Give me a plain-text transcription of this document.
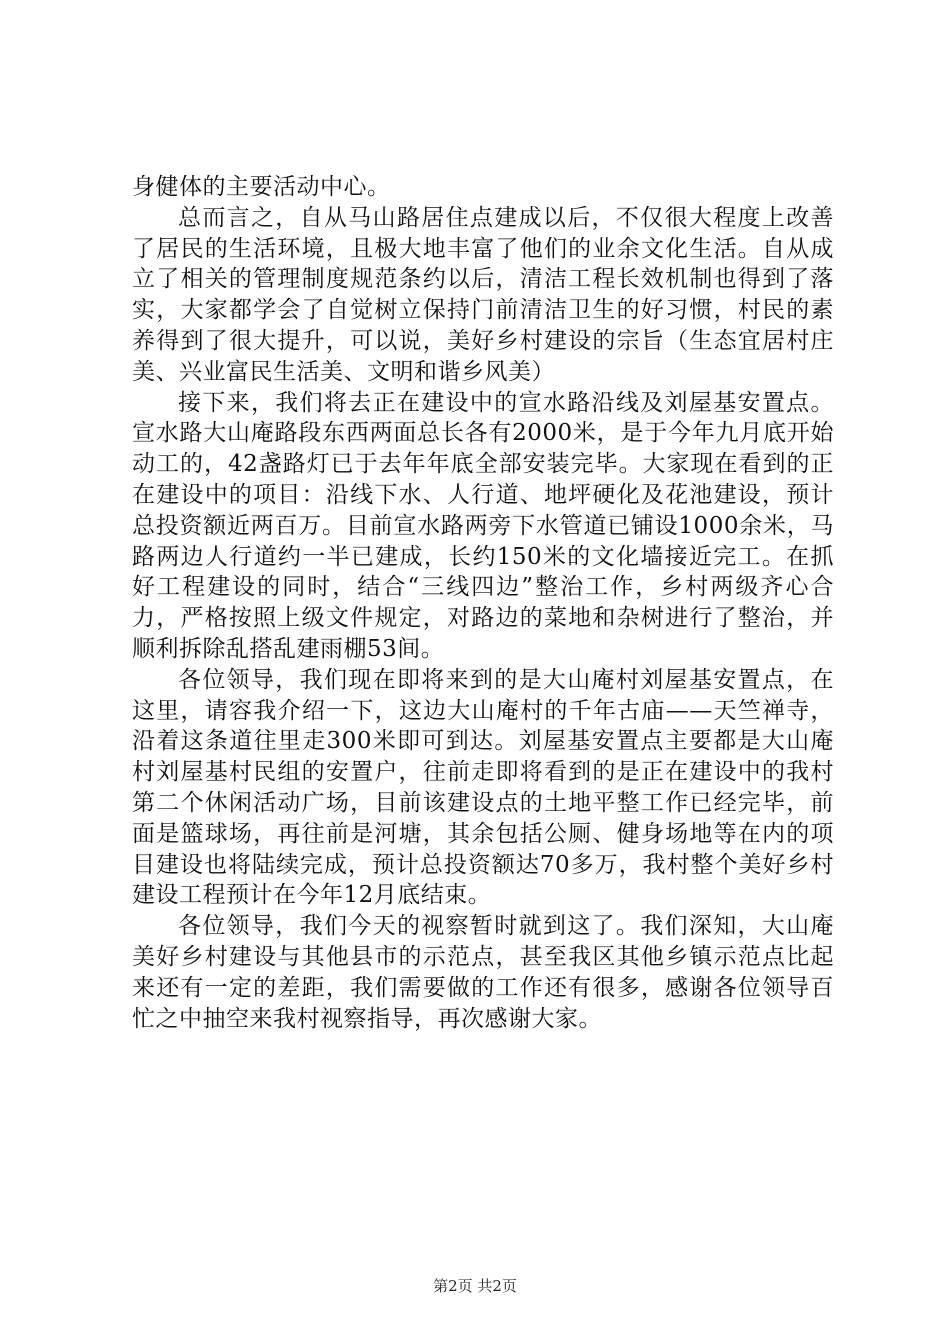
身健体的主要活动中心。

总而言之，自从马山路居住点建成以后，不仅很大程度上改善了居民的生活环境，且极大地丰富了他们的业余文化生活。自从成立了相关的管理制度规范条约以后，清洁工程长效机制也得到了落实，大家都学会了自觉树立保持门前清洁卫生的好习惯，村民的素养得到了很大提升，可以说，美好乡村建设的宗旨（生态宜居村庄美、兴业富民生活美、文明和谐乡风美）

接下来，我们将去正在建设中的宣水路沿线及刘屋基安置点。宣水路大山庵路段东西两面总长各有2000米，是于今年九月底开始动工的，42盏路灯已于去年年底全部安装完毕。大家现在看到的正在建设中的项目：沿线下水、人行道、地坪硬化及花池建设，预计总投资额近两百万。目前宣水路两旁下水管道已铺设1000余米，马路两边人行道约一半已建成，长约150米的文化墙接近完工。在抓好工程建设的同时，结合“三线四边”整治工作，乡村两级齐心合力，严格按照上级文件规定，对路边的菜地和杂树进行了整治，并顺利拆除乱搭乱建雨棚53间。

各位领导，我们现在即将来到的是大山庵村刘屋基安置点，在这里，请容我介绍一下，这边大山庵村的千年古庙——天竺禅寺，沿着这条道往里走300米即可到达。刘屋基安置点主要都是大山庵村刘屋基村民组的安置户，往前走即将看到的是正在建设中的我村第二个休闲活动广场，目前该建设点的土地平整工作已经完毕，前面是篮球场，再往前是河塘，其余包括公厕、健身场地等在内的项目建设也将陆续完成，预计总投资额达70多万，我村整个美好乡村建设工程预计在今年12月底结束。

各位领导，我们今天的视察暂时就到这了。我们深知，大山庵美好乡村建设与其他县市的示范点，甚至我区其他乡镇示范点比起来还有一定的差距，我们需要做的工作还有很多，感谢各位领导百忙之中抽空来我村视察指导，再次感谢大家。

第2页 共2页
